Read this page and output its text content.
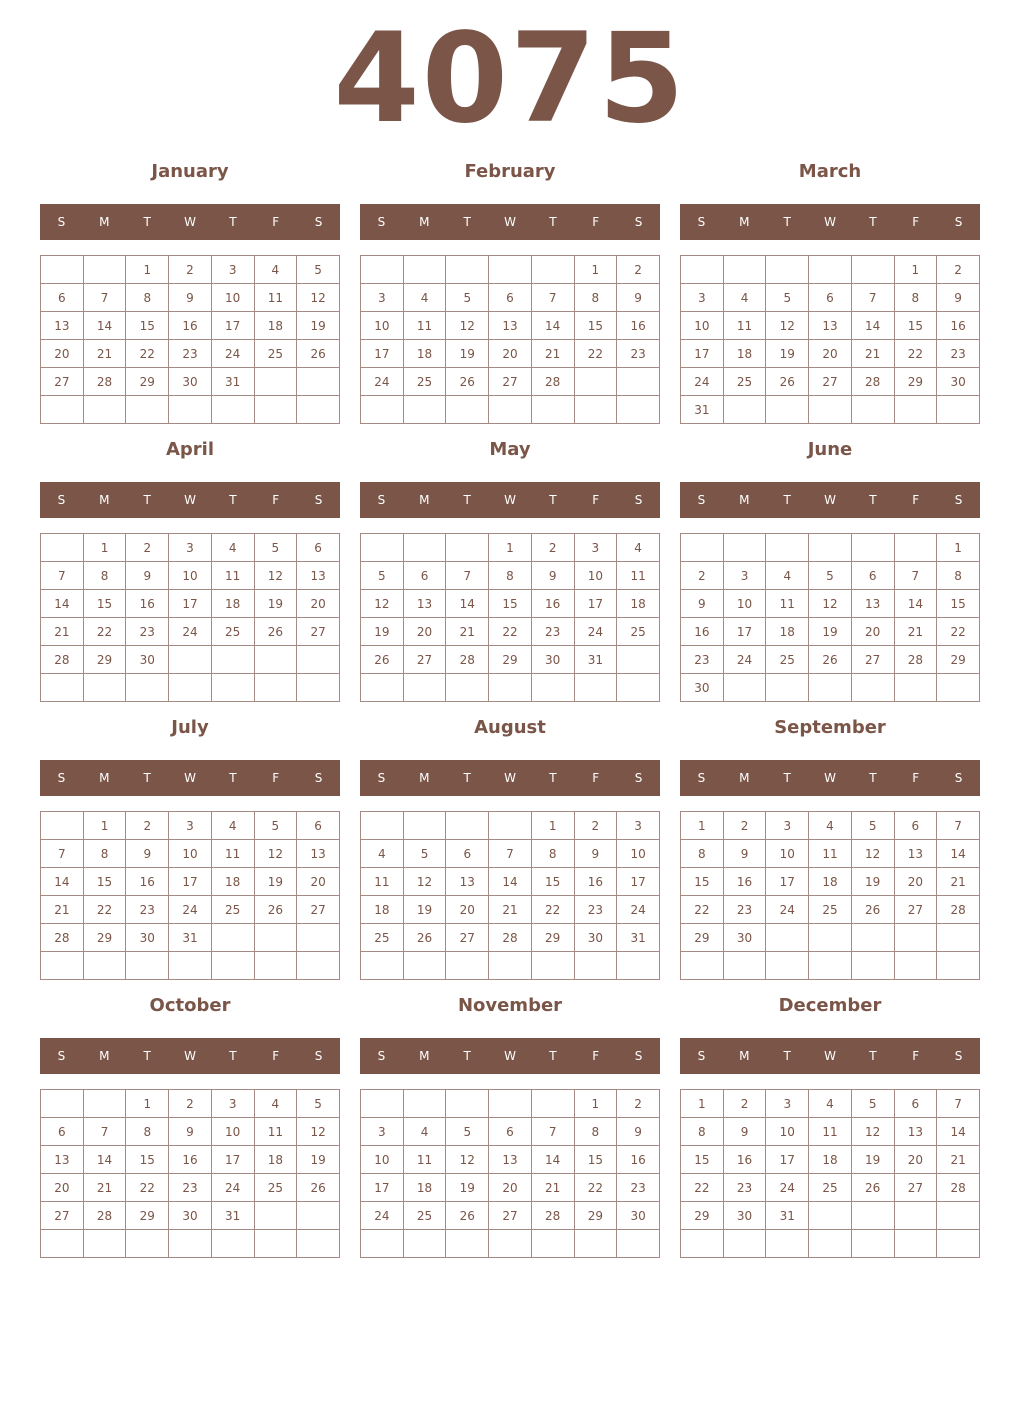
4075
January
S	M	T	W	T	F	S
		1	2	3	4	5
6	7	8	9	10	11	12
13	14	15	16	17	18	19
20	21	22	23	24	25	26
27	28	29	30	31		

February
S	M	T	W	T	F	S
					1	2
3	4	5	6	7	8	9
10	11	12	13	14	15	16
17	18	19	20	21	22	23
24	25	26	27	28		

March
S	M	T	W	T	F	S
					1	2
3	4	5	6	7	8	9
10	11	12	13	14	15	16
17	18	19	20	21	22	23
24	25	26	27	28	29	30
31						
April
S	M	T	W	T	F	S
	1	2	3	4	5	6
7	8	9	10	11	12	13
14	15	16	17	18	19	20
21	22	23	24	25	26	27
28	29	30				

May
S	M	T	W	T	F	S
			1	2	3	4
5	6	7	8	9	10	11
12	13	14	15	16	17	18
19	20	21	22	23	24	25
26	27	28	29	30	31	

June
S	M	T	W	T	F	S
						1
2	3	4	5	6	7	8
9	10	11	12	13	14	15
16	17	18	19	20	21	22
23	24	25	26	27	28	29
30						
July
S	M	T	W	T	F	S
	1	2	3	4	5	6
7	8	9	10	11	12	13
14	15	16	17	18	19	20
21	22	23	24	25	26	27
28	29	30	31			

August
S	M	T	W	T	F	S
				1	2	3
4	5	6	7	8	9	10
11	12	13	14	15	16	17
18	19	20	21	22	23	24
25	26	27	28	29	30	31

September
S	M	T	W	T	F	S
1	2	3	4	5	6	7
8	9	10	11	12	13	14
15	16	17	18	19	20	21
22	23	24	25	26	27	28
29	30					

October
S	M	T	W	T	F	S
		1	2	3	4	5
6	7	8	9	10	11	12
13	14	15	16	17	18	19
20	21	22	23	24	25	26
27	28	29	30	31		

November
S	M	T	W	T	F	S
					1	2
3	4	5	6	7	8	9
10	11	12	13	14	15	16
17	18	19	20	21	22	23
24	25	26	27	28	29	30

December
S	M	T	W	T	F	S
1	2	3	4	5	6	7
8	9	10	11	12	13	14
15	16	17	18	19	20	21
22	23	24	25	26	27	28
29	30	31				
